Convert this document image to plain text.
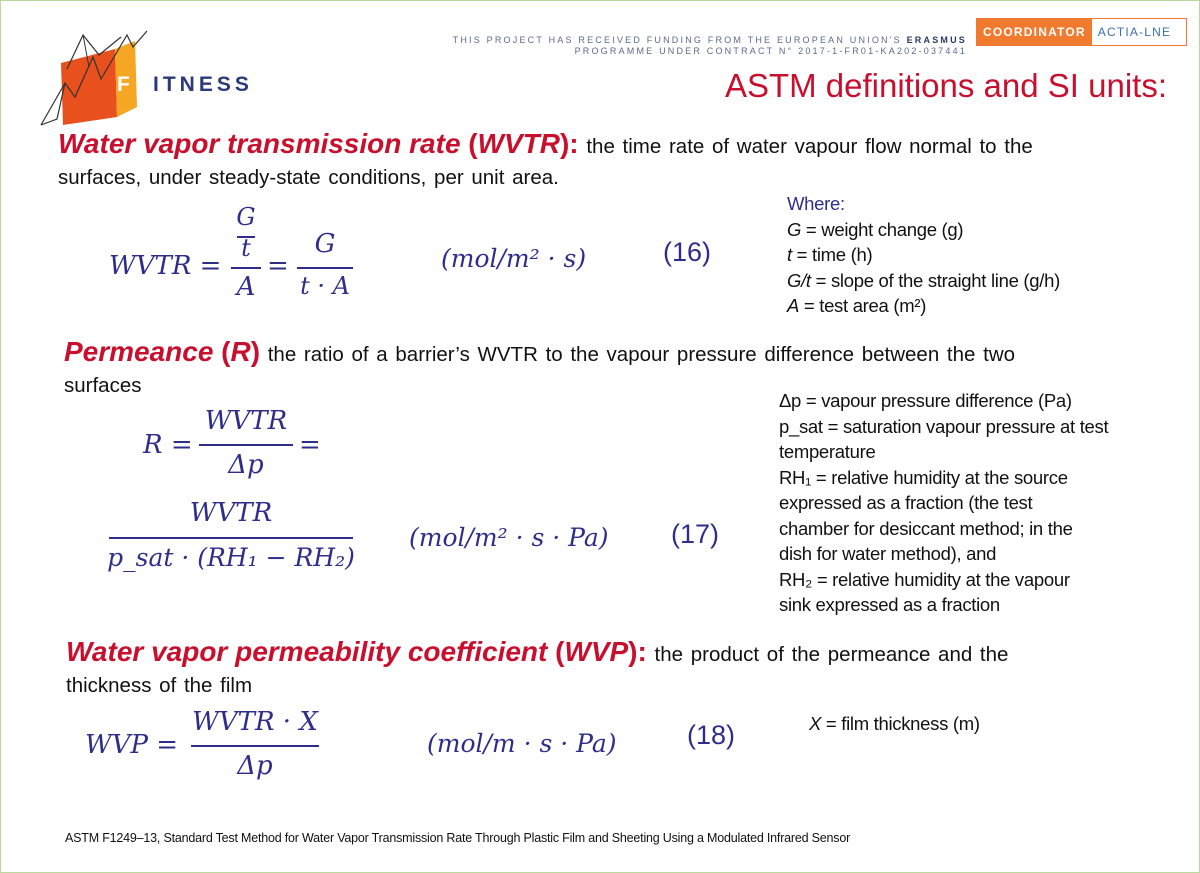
F ITNESS
THIS PROJECT HAS RECEIVED FUNDING FROM THE EUROPEAN UNION'S ERASMUS
PROGRAMME UNDER CONTRACT N° 2017-1-FR01-KA202-037441
COORDINATOR	ACTIA-LNE
ASTM definitions and SI units:
Water vapor transmission rate (WVTR): the time rate of water vapour flow normal to the
surfaces, under steady-state conditions, per unit area.
WVTR =
G
t
A
=
G
t · A
(mol/m² · s)	(16)
Where:
G = weight change (g)
t = time (h)
G/t = slope of the straight line (g/h)
A = test area (m²)
Permeance (R) the ratio of a barrier’s WVTR to the vapour pressure difference between the two
surfaces
R =
WVTR
Δp
=
WVTR
p_sat · (RH₁ − RH₂)
(mol/m² · s · Pa) (17)
Δp = vapour pressure difference (Pa)
p_sat = saturation vapour pressure at test
temperature
RH₁ = relative humidity at the source
expressed as a fraction (the test
chamber for desiccant method; in the
dish for water method), and
RH₂ = relative humidity at the vapour
sink expressed as a fraction
Water vapor permeability coefficient (WVP): the product of the permeance and the
thickness of the film
WVP =
WVTR · X
Δp
(mol/m · s · Pa)	(18)	X = film thickness (m)
ASTM F1249–13, Standard Test Method for Water Vapor Transmission Rate Through Plastic Film and Sheeting Using a Modulated Infrared Sensor
